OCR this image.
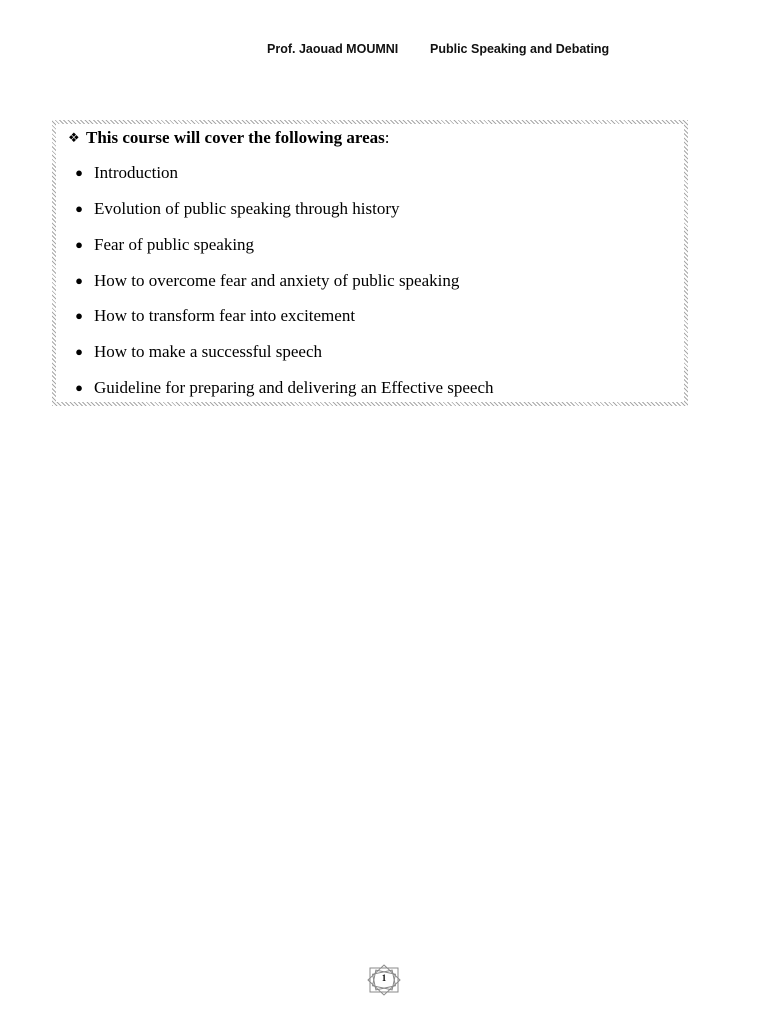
Prof. Jaouad MOUMNI	Public Speaking and Debating
❖ This course will cover the following areas:
● Introduction
● Evolution of public speaking through history
● Fear of public speaking
● How to overcome fear and anxiety of public speaking
● How to transform fear into excitement
● How to make a successful speech
● Guideline for preparing and delivering an Effective speech
1
